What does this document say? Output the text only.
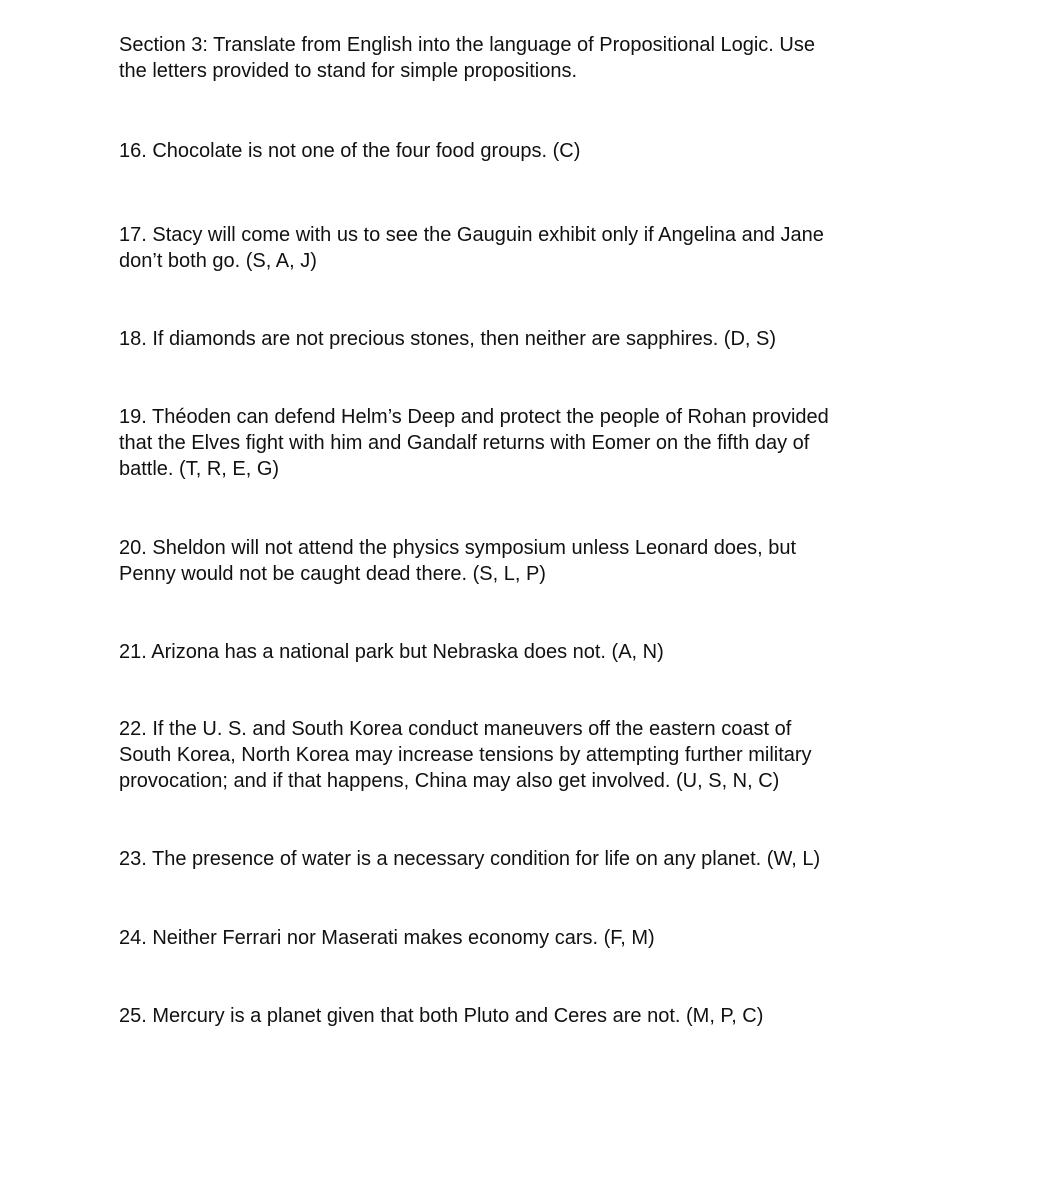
Section 3: Translate from English into the language of Propositional Logic. Use
the letters provided to stand for simple propositions.
16. Chocolate is not one of the four food groups. (C)
17. Stacy will come with us to see the Gauguin exhibit only if Angelina and Jane
don’t both go. (S, A, J)
18. If diamonds are not precious stones, then neither are sapphires. (D, S)
19. Théoden can defend Helm’s Deep and protect the people of Rohan provided
that the Elves fight with him and Gandalf returns with Eomer on the fifth day of
battle. (T, R, E, G)
20. Sheldon will not attend the physics symposium unless Leonard does, but
Penny would not be caught dead there. (S, L, P)
21. Arizona has a national park but Nebraska does not. (A, N)
22. If the U. S. and South Korea conduct maneuvers off the eastern coast of
South Korea, North Korea may increase tensions by attempting further military
provocation; and if that happens, China may also get involved. (U, S, N, C)
23. The presence of water is a necessary condition for life on any planet. (W, L)
24. Neither Ferrari nor Maserati makes economy cars. (F, M)
25. Mercury is a planet given that both Pluto and Ceres are not. (M, P, C)
